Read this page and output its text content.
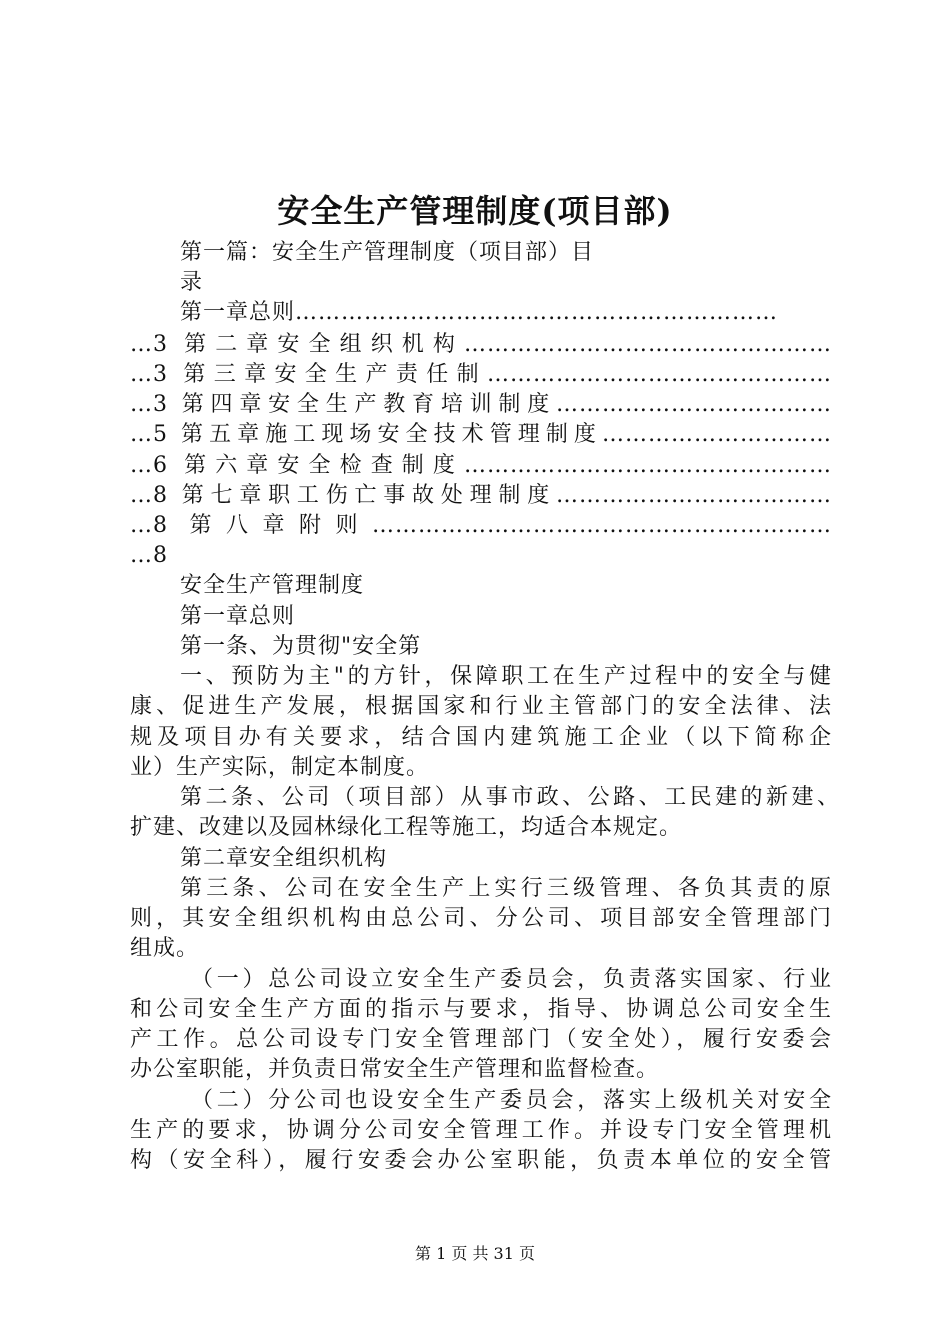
安全生产管理制度(项目部)
第一篇：安全生产管理制度（项目部）目
录
第一章总则………………………………………………………
…3 第二章安全组织机构…………………………………………
…3 第三章安全生产责任制………………………………………
…3 第四章安全生产教育培训制度………………………………
…5 第五章施工现场安全技术管理制度…………………………
…6 第六章安全检查制度…………………………………………
…8 第七章职工伤亡事故处理制度………………………………
…8 第八章附则……………………………………………………
…8
安全生产管理制度
第一章总则
第一条、为贯彻"安全第
一、预防为主"的方针，保障职工在生产过程中的安全与健
康、促进生产发展，根据国家和行业主管部门的安全法律、法
规及项目办有关要求，结合国内建筑施工企业（以下简称企
业）生产实际，制定本制度。
第二条、公司（项目部）从事市政、公路、工民建的新建、
扩建、改建以及园林绿化工程等施工，均适合本规定。
第二章安全组织机构
第三条、公司在安全生产上实行三级管理、各负其责的原
则，其安全组织机构由总公司、分公司、项目部安全管理部门
组成。
（一）总公司设立安全生产委员会，负责落实国家、行业
和公司安全生产方面的指示与要求，指导、协调总公司安全生
产工作。总公司设专门安全管理部门（安全处），履行安委会
办公室职能，并负责日常安全生产管理和监督检查。
（二）分公司也设安全生产委员会，落实上级机关对安全
生产的要求，协调分公司安全管理工作。并设专门安全管理机
构（安全科），履行安委会办公室职能，负责本单位的安全管
第 1 页 共 31 页
